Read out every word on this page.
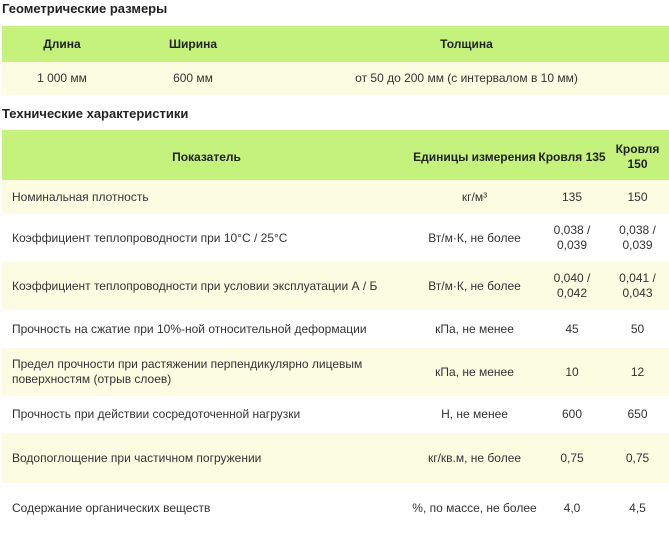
Геометрические размеры
Длина	Ширина	Толщина
1 000 мм	600 мм	от 50 до 200 мм (с интервалом в 10 мм)
Технические характеристики
Показатель	Единицы измерения	Кровля 135	Кровля 150
Номинальная плотность	кг/м³	135	150
Коэффициент теплопроводности при 10°С / 25°С	Вт/м·К, не более	0,038 / 0,039	0,038 / 0,039
Коэффициент теплопроводности при условии эксплуатации А / Б	Вт/м·К, не более	0,040 / 0,042	0,041 / 0,043
Прочность на сжатие при 10%-ной относительной деформации	кПа, не менее	45	50
Предел прочности при растяжении перпендикулярно лицевым поверхностям (отрыв слоев)	кПа, не менее	10	12
Прочность при действии сосредоточенной нагрузки	Н, не менее	600	650
Водопоглощение при частичном погружении	кг/кв.м, не более	0,75	0,75
Содержание органических веществ	%, по массе, не более	4,0	4,5
